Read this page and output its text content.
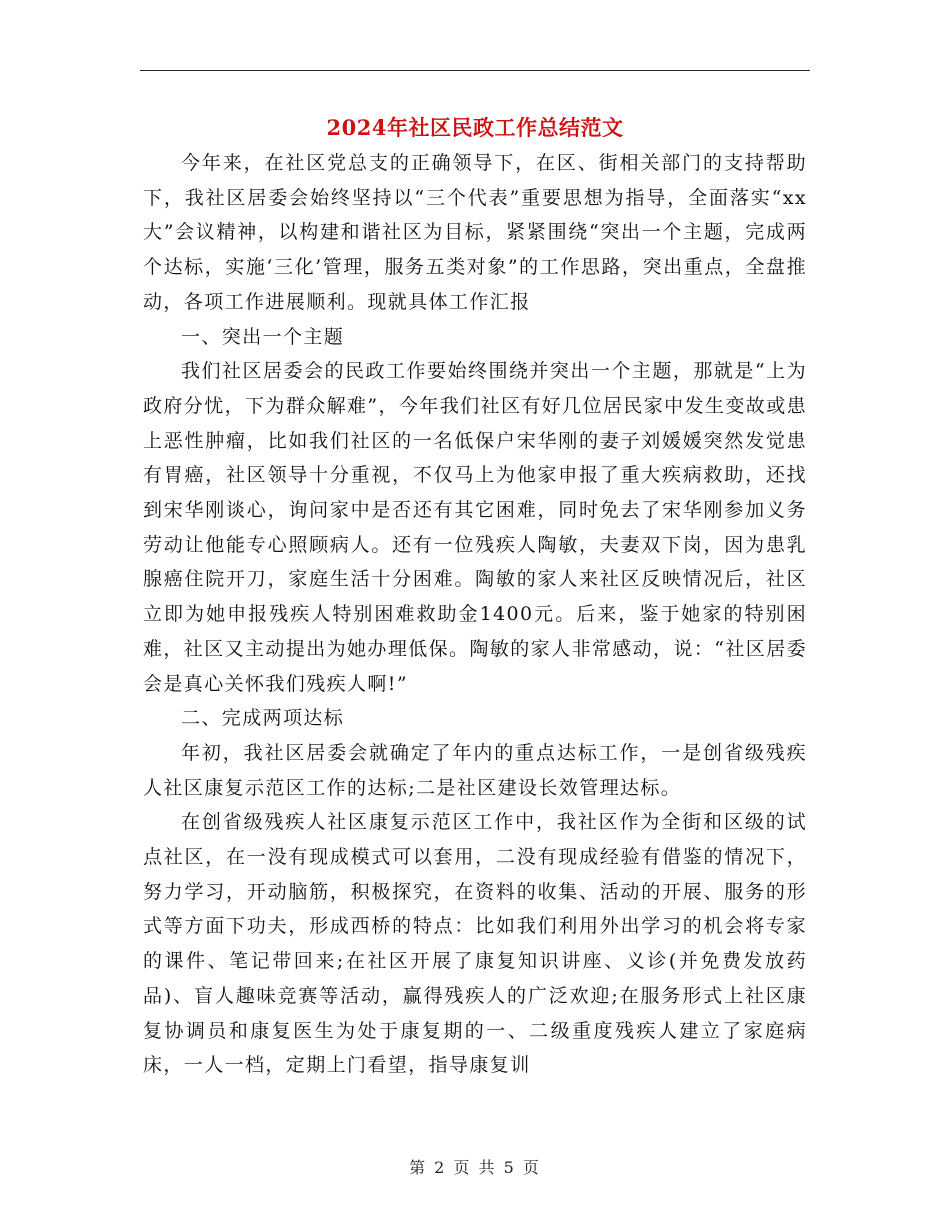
2024年社区民政工作总结范文

今年来，在社区党总支的正确领导下，在区、街相关部门的支持帮助下，我社区居委会始终坚持以“三个代表”重要思想为指导，全面落实“xx大”会议精神，以构建和谐社区为目标，紧紧围绕“突出一个主题，完成两个达标，实施‘三化’管理，服务五类对象”的工作思路，突出重点，全盘推动，各项工作进展顺利。现就具体工作汇报

一、突出一个主题

我们社区居委会的民政工作要始终围绕并突出一个主题，那就是“上为政府分忧，下为群众解难”，今年我们社区有好几位居民家中发生变故或患上恶性肿瘤，比如我们社区的一名低保户宋华刚的妻子刘媛媛突然发觉患有胃癌，社区领导十分重视，不仅马上为他家申报了重大疾病救助，还找到宋华刚谈心，询问家中是否还有其它困难，同时免去了宋华刚参加义务劳动让他能专心照顾病人。还有一位残疾人陶敏，夫妻双下岗，因为患乳腺癌住院开刀，家庭生活十分困难。陶敏的家人来社区反映情况后，社区立即为她申报残疾人特别困难救助金1400元。后来，鉴于她家的特别困难，社区又主动提出为她办理低保。陶敏的家人非常感动，说：“社区居委会是真心关怀我们残疾人啊!”

二、完成两项达标

年初，我社区居委会就确定了年内的重点达标工作，一是创省级残疾人社区康复示范区工作的达标;二是社区建设长效管理达标。

在创省级残疾人社区康复示范区工作中，我社区作为全街和区级的试点社区，在一没有现成模式可以套用，二没有现成经验有借鉴的情况下，努力学习，开动脑筋，积极探究，在资料的收集、活动的开展、服务的形式等方面下功夫，形成西桥的特点：比如我们利用外出学习的机会将专家的课件、笔记带回来;在社区开展了康复知识讲座、义诊(并免费发放药品)、盲人趣味竞赛等活动，赢得残疾人的广泛欢迎;在服务形式上社区康复协调员和康复医生为处于康复期的一、二级重度残疾人建立了家庭病床，一人一档，定期上门看望，指导康复训

第 2 页 共 5 页
